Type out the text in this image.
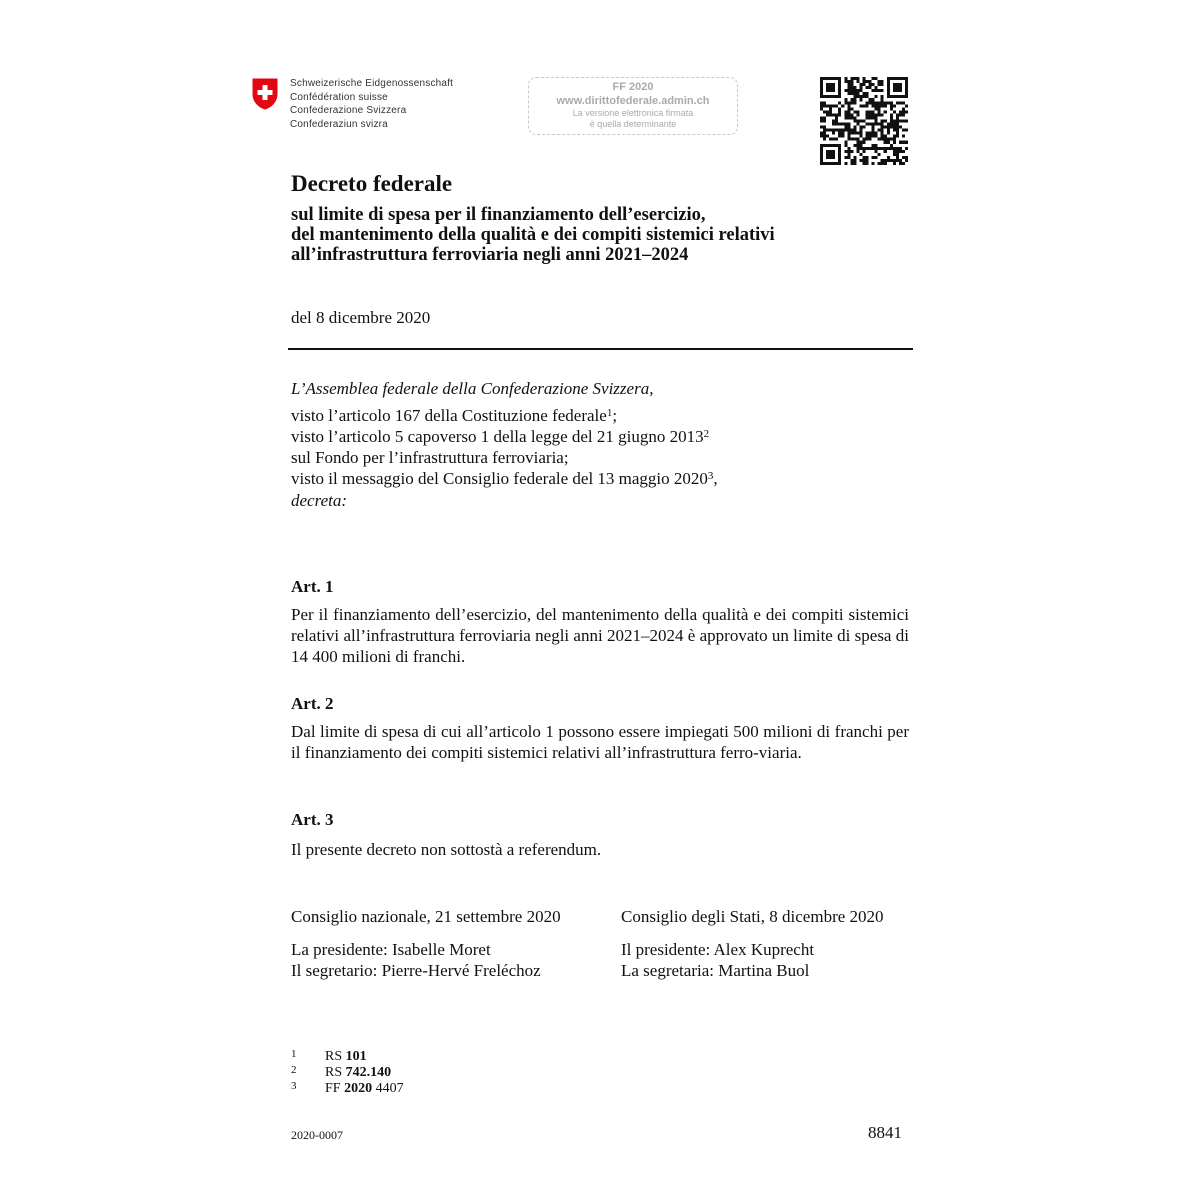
Schweizerische Eidgenossenschaft
Confédération suisse
Confederazione Svizzera
Confederaziun svizra
FF 2020
www.dirittofederale.admin.ch
La versione elettronica firmata
è quella determinante
Decreto federale
sul limite di spesa per il finanziamento dell’esercizio,
del mantenimento della qualità e dei compiti sistemici relativi
all’infrastruttura ferroviaria negli anni 2021–2024
del 8 dicembre 2020
L’Assemblea federale della Confederazione Svizzera,
visto l’articolo 167 della Costituzione federale$^1$;
visto l’articolo 5 capoverso 1 della legge del 21 giugno 2013$^2$
sul Fondo per l’infrastruttura ferroviaria;
visto il messaggio del Consiglio federale del 13 maggio 2020$^3$,
decreta:
Art. 1
Per il finanziamento dell’esercizio, del mantenimento della qualità e dei compiti sistemici relativi all’infrastruttura ferroviaria negli anni 2021–2024 è approvato un limite di spesa di 14 400 milioni di franchi.
Art. 2
Dal limite di spesa di cui all’articolo 1 possono essere impiegati 500 milioni di franchi per il finanziamento dei compiti sistemici relativi all’infrastruttura ferro-viaria.
Art. 3
Il presente decreto non sottostà a referendum.
Consiglio nazionale, 21 settembre 2020
La presidente: Isabelle Moret
Il segretario: Pierre-Hervé Freléchoz
Consiglio degli Stati, 8 dicembre 2020
Il presidente: Alex Kuprecht
La segretaria: Martina Buol
1 RS 101
2 RS 742.140
3 FF 2020 4407
2020-0007	8841
